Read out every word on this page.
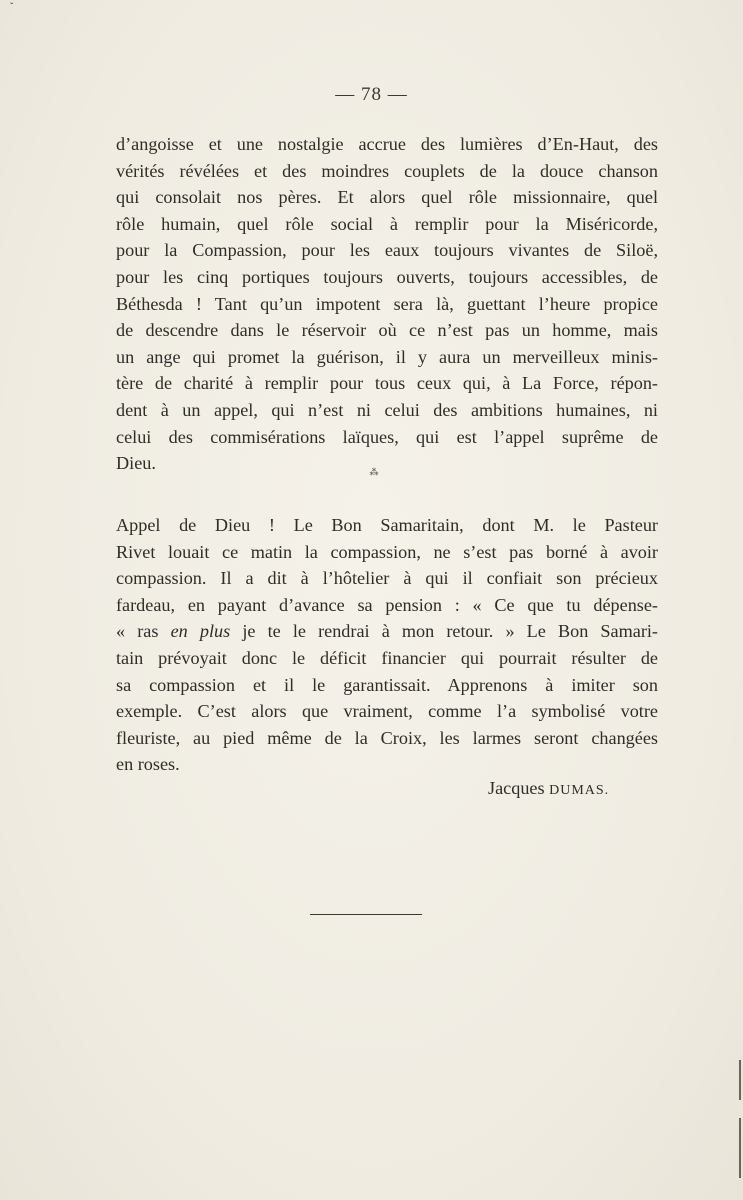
ˇ
— 78 —
d’angoisse et une nostalgie accrue des lumières d’En-Haut, des
vérités révélées et des moindres couplets de la douce chanson
qui consolait nos pères. Et alors quel rôle missionnaire, quel
rôle humain, quel rôle social à remplir pour la Miséricorde,
pour la Compassion, pour les eaux toujours vivantes de Siloë,
pour les cinq portiques toujours ouverts, toujours accessibles, de
Béthesda ! Tant qu’un impotent sera là, guettant l’heure propice
de descendre dans le réservoir où ce n’est pas un homme, mais
un ange qui promet la guérison, il y aura un merveilleux minis-
tère de charité à remplir pour tous ceux qui, à La Force, répon-
dent à un appel, qui n’est ni celui des ambitions humaines, ni
celui des commisérations laïques, qui est l’appel suprême de
Dieu.	⁂
Appel de Dieu ! Le Bon Samaritain, dont M. le Pasteur
Rivet louait ce matin la compassion, ne s’est pas borné à avoir
compassion. Il a dit à l’hôtelier à qui il confiait son précieux
fardeau, en payant d’avance sa pension : « Ce que tu dépense-
« ras en plus je te le rendrai à mon retour. » Le Bon Samari-
tain prévoyait donc le déficit financier qui pourrait résulter de
sa compassion et il le garantissait. Apprenons à imiter son
exemple. C’est alors que vraiment, comme l’a symbolisé votre
fleuriste, au pied même de la Croix, les larmes seront changées
en roses.
Jacques DUMAS.
